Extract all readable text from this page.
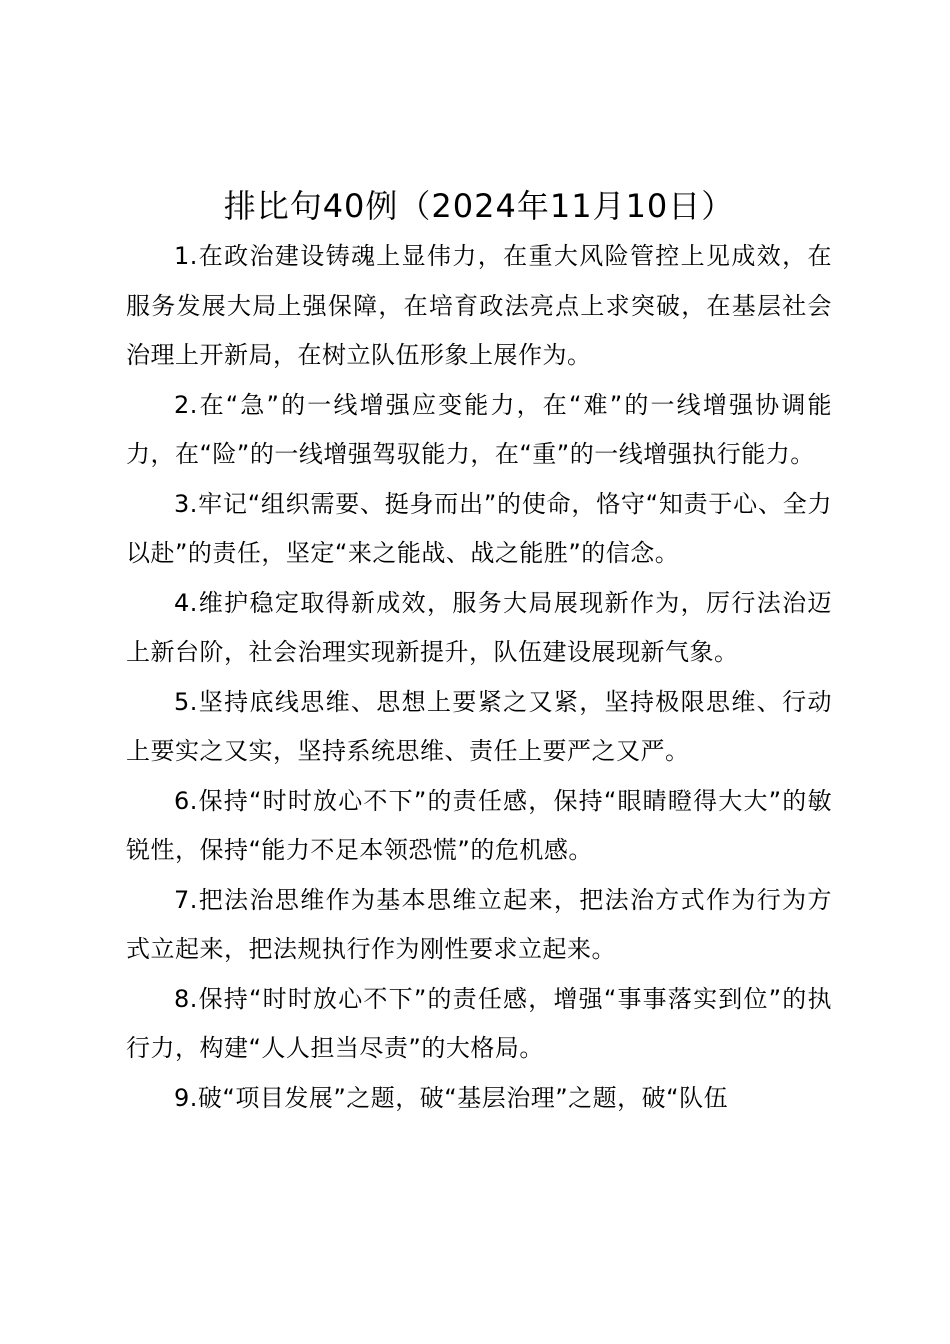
排比句40例（2024年11月10日）

1.在政治建设铸魂上显伟力，在重大风险管控上见成效，在服务发展大局上强保障，在培育政法亮点上求突破，在基层社会治理上开新局，在树立队伍形象上展作为。

2.在“急”的一线增强应变能力，在“难”的一线增强协调能力，在“险”的一线增强驾驭能力，在“重”的一线增强执行能力。

3.牢记“组织需要、挺身而出”的使命，恪守“知责于心、全力以赴”的责任，坚定“来之能战、战之能胜”的信念。

4.维护稳定取得新成效，服务大局展现新作为，厉行法治迈上新台阶，社会治理实现新提升，队伍建设展现新气象。

5.坚持底线思维、思想上要紧之又紧，坚持极限思维、行动上要实之又实，坚持系统思维、责任上要严之又严。

6.保持“时时放心不下”的责任感，保持“眼睛瞪得大大”的敏锐性，保持“能力不足本领恐慌”的危机感。

7.把法治思维作为基本思维立起来，把法治方式作为行为方式立起来，把法规执行作为刚性要求立起来。

8.保持“时时放心不下”的责任感，增强“事事落实到位”的执行力，构建“人人担当尽责”的大格局。

9.破“项目发展”之题，破“基层治理”之题，破“队伍
